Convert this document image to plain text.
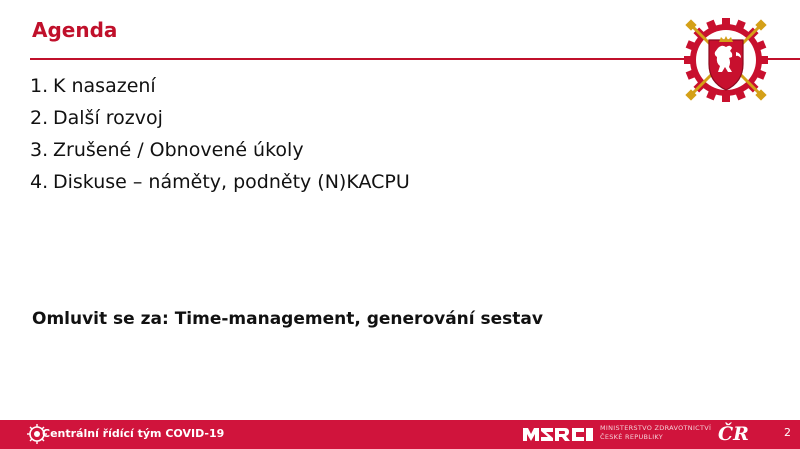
Agenda
1. K nasazení
2. Další rozvoj
3. Zrušené / Obnovené úkoly
4. Diskuse – náměty, podněty (N)KACPU

Omluvit se za: Time-management, generování sestav

Centrální řídící tým COVID-19	MINISTERSTVO ZDRAVOTNICTVÍ
ČESKÉ REPUBLIKY	ČR	2
